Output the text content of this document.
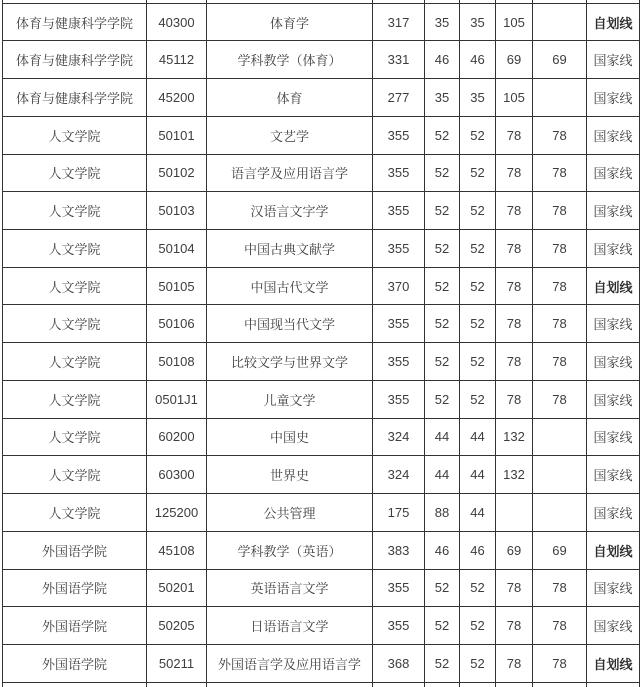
体育与健康科学学院	40300	体育学	317	35	35	105		自划线
体育与健康科学学院	45112	学科教学（体育）	331	46	46	69	69	国家线
体育与健康科学学院	45200	体育	277	35	35	105		国家线
人文学院	50101	文艺学	355	52	52	78	78	国家线
人文学院	50102	语言学及应用语言学	355	52	52	78	78	国家线
人文学院	50103	汉语言文字学	355	52	52	78	78	国家线
人文学院	50104	中国古典文献学	355	52	52	78	78	国家线
人文学院	50105	中国古代文学	370	52	52	78	78	自划线
人文学院	50106	中国现当代文学	355	52	52	78	78	国家线
人文学院	50108	比较文学与世界文学	355	52	52	78	78	国家线
人文学院	0501J1	儿童文学	355	52	52	78	78	国家线
人文学院	60200	中国史	324	44	44	132		国家线
人文学院	60300	世界史	324	44	44	132		国家线
人文学院	125200	公共管理	175	88	44			国家线
外国语学院	45108	学科教学（英语）	383	46	46	69	69	自划线
外国语学院	50201	英语语言文学	355	52	52	78	78	国家线
外国语学院	50205	日语语言文学	355	52	52	78	78	国家线
外国语学院	50211	外国语言学及应用语言学	368	52	52	78	78	自划线
